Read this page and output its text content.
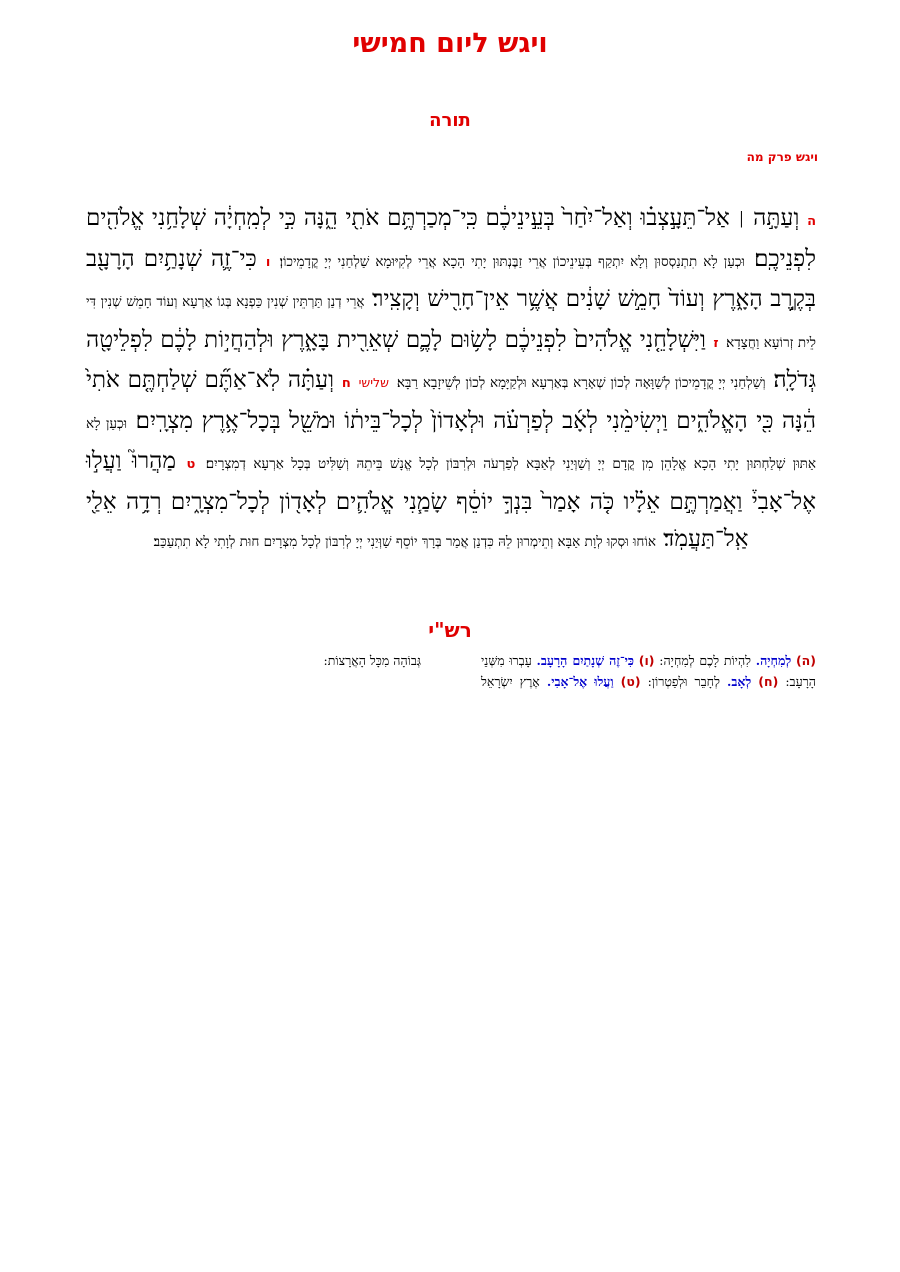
ויגש ליום חמישי
תורה
ויגש פרק מה
ה וְעַתָּ֣ה ׀ אַל־תֵּעָ֣צְב֗וּ וְאַל־יִ֙חַר֙ בְּעֵ֣ינֵיכֶ֔ם כִּֽי־מְכַרְתֶּ֥ם אֹתִ֖י הֵ֑נָּה כִּ֣י לְמִֽחְיָ֔ה שְׁלָחַ֥נִי אֱלֹהִ֖ים לִפְנֵיכֶֽם׃ וּכְעַן לָא תִתְנַסְסוּן וְלָא יִתְקַף בְּעֵינֵיכוֹן אֲרֵי זַבֶּנְתּוּן יָתִי הָכָא אֲרֵי לְקִיּוּמָא שַׁלְחַנִי יְיָ קֳדָמֵיכוֹן׃ ו כִּי־זֶ֛ה שְׁנָתַ֥יִם הָרָעָ֖ב בְּקֶ֣רֶב הָאָ֑רֶץ וְעוֹד֙ חָמֵ֣שׁ שָׁנִ֔ים אֲשֶׁ֥ר אֵין־חָרִ֖ישׁ וְקָצִֽיר׃ אֲרֵי דְנַן תַּרְתֵּין שְׁנִין כַּפְנָא בְּגוֹ אַרְעָא וְעוֹד חָמֵשׁ שְׁנִין דִּי לֵית זְרוֹעָא וַחֲצָדָא׃ ז וַיִּשְׁלָחֵ֤נִי אֱלֹהִים֙ לִפְנֵיכֶ֔ם לָשׂ֥וּם לָכֶ֛ם שְׁאֵרִ֖ית בָּאָ֑רֶץ וּלְהַחֲי֣וֹת לָכֶ֔ם לִפְלֵיטָ֖ה גְּדֹלָֽה׃ וְשַׁלְחַנִי יְיָ קֳדָמֵיכוֹן לְשַׁוָּאָה לְכוֹן שְׁאָרָא בְּאַרְעָא וּלְקַיָּמָא לְכוֹן לְשֵׁיזָבָא רַבָּא׃ שלישי ח וְעַתָּ֗ה לֹֽא־אַתֶּ֞ם שְׁלַחְתֶּ֤ם אֹתִי֙ הֵ֔נָּה כִּ֖י הָאֱלֹהִ֑ים וַיְשִׂימֵ֨נִי לְאָ֜ב לְפַרְעֹ֗ה וּלְאָדוֹן֙ לְכָל־בֵּית֔וֹ וּמֹשֵׁ֖ל בְּכָל־אֶ֥רֶץ מִצְרָֽיִם׃ וּכְעַן לָא אַתּוּן שְׁלַחְתּוּן יָתִי הָכָא אֱלָהֵן מִן קֳדָם יְיָ וְשַׁוְּיַנִי לְאַבָּא לְפַרְעֹה וּלְרִבּוֹן לְכָל אֱנָשׁ בֵּיתֵהּ וְשַׁלִּיט בְּכָל אַרְעָא דְמִצְרָיִם׃ ט מַהֲרוּ֮ וַעֲל֣וּ אֶל־אָבִי֒ וַאֲמַרְתֶּ֣ם אֵלָ֗יו כֹּ֤ה אָמַר֙ בִּנְךָ֣ יוֹסֵ֔ף שָׂמַ֧נִי אֱלֹהִ֛ים לְאָד֖וֹן לְכָל־מִצְרָ֑יִם רְדָ֥ה אֵלַ֖י אַֽל־תַּעֲמֹֽד׃ אוֹחוּ וּסְקוּ לְוָת אַבָּא וְתֵימְרוּן לֵהּ כִּדְנַן אֲמַר בְּרָךְ יוֹסֵף שַׁוְּיַנִי יְיָ לְרִבּוֹן לְכָל מִצְרָיִם חוּת לְוָתִי לָא תִתְעַכַּב׃
רש"י
(ה) לְמִחְיָה. לִהְיוֹת לָכֶם לְמִחְיָה: (ו) כִּי־זֶה שְׁנָתַיִם הָרָעָב. עָבְרוּ מִשְּׁנֵי הָרָעָב: (ח) לְאָב. לְחָבֵר וּלְפַטְרוֹן: (ט) וַעֲלוּ אֶל־אָבִי. אֶרֶץ יִשְׂרָאֵל גְּבוֹהָה מִכָּל הָאֲרָצוֹת:
